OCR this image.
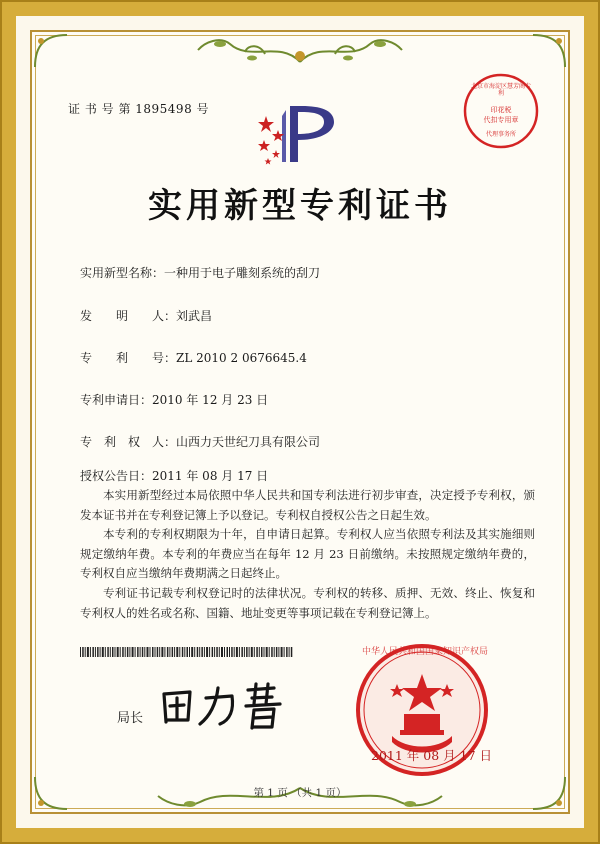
证 书 号 第 1895498 号
北京市海淀区慧芳阁专利
印花税
代扣专用章
代理事务所
实用新型专利证书
实用新型名称：一种用于电子雕刻系统的刮刀
发　　明　　人：刘武昌
专　　利　　号：ZL 2010 2 0676645.4
专利申请日：2010 年 12 月 23 日
专　利　权　人：山西力天世纪刀具有限公司
授权公告日：2011 年 08 月 17 日

本实用新型经过本局依照中华人民共和国专利法进行初步审查，决定授予专利权，颁发本证书并在专利登记簿上予以登记。专利权自授权公告之日起生效。

本专利的专利权期限为十年，自申请日起算。专利权人应当依照专利法及其实施细则规定缴纳年费。本专利的年费应当在每年 12 月 23 日前缴纳。未按照规定缴纳年费的，专利权自应当缴纳年费期满之日起终止。

专利证书记载专利权登记时的法律状况。专利权的转移、质押、无效、终止、恢复和专利权人的姓名或名称、国籍、地址变更等事项记载在专利登记簿上。

局长
中华人民共和国国家知识产权局
2011 年 08 月 17 日
第 1 页 （共 1 页）
